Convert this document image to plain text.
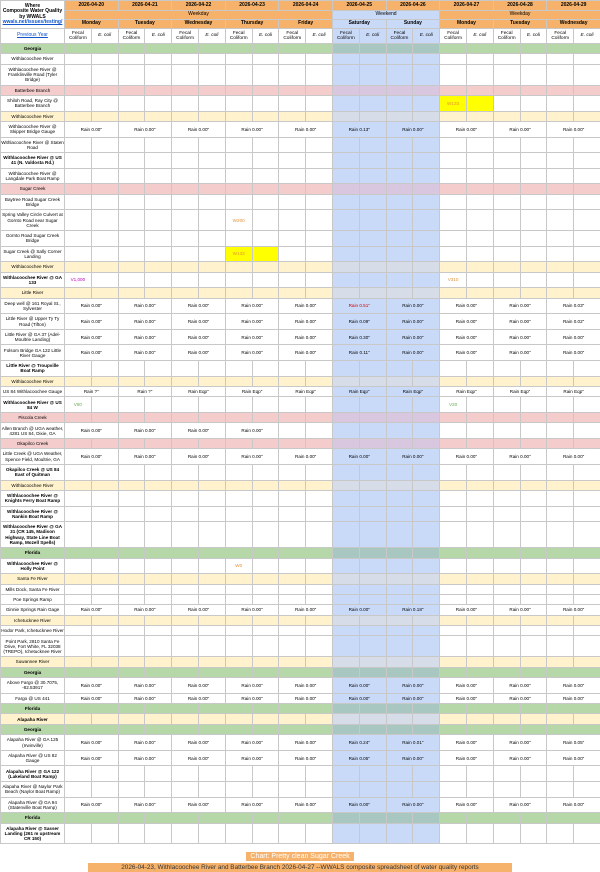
Where
Composite Water Quality
by WWALS
wwals.net/issues/testing/																				

	2026-04-20		2026-04-21		2026-04-22		2026-04-23		2026-04-24		2026-04-25		2026-04-26		2026-04-27		2026-04-28		2026-04-29	
	Weekday										Weekend				Weekday					
	Monday		Tuesday		Wednesday		Thursday		Friday		Saturday		Sunday		Monday		Tuesday		Wednesday	
Previous Year	Fecal Coliform	E. coli	Fecal Coliform	E. coli	Fecal Coliform	E. coli	Fecal Coliform	E. coli	Fecal Coliform	E. coli	Fecal Coliform	E. coli	Fecal Coliform	E. coli	Fecal Coliform	E. coli	Fecal Coliform	E. coli	Fecal Coliform	E. coli
Georgia																				
Withlacoochee River																				
Withlacoochee River @ Franklinville Road (Tyler Bridge)																				
Batterbee Branch																				
Shiloh Road, Ray City @ Batterbee Branch															W133					
Withlacoochee River																				
Withlacoochee River @ Skipper Bridge Gauge	Rain 0.00"		Rain 0.00"		Rain 0.00"		Rain 0.00"		Rain 0.00"		Rain 0.13"		Rain 0.00"		Rain 0.00"		Rain 0.00"		Rain 0.00"	
Withlacoochee River @ Staten Road																				
Withlacoochee River @ US 41 (N. Valdosta Rd.)																				
Withlacoochee River @ Langdale Park Boat Ramp																				
Sugar Creek																				
Baytree Road Sugar Creek Bridge																				
Spring Valley Circle Culvert at Gornto Road near Sugar Creek							W200													
Gornto Road Sugar Creek Bridge																				
Sugar Creek @ Sally Corner Landing							W133													
Withlacoochee River																				
Withlacoochee River @ GA 133	V1,000														V310					
Little River																				
Deep well @ 161 Royal St., Sylvester	Rain 0.00"		Rain 0.00"		Rain 0.00"		Rain 0.00"		Rain 0.00"		Rain 0.51"		Rain 0.00"		Rain 0.00"		Rain 0.00"		Rain 0.03"	
Little River @ Upper Ty Ty Road (Tifton)	Rain 0.00"		Rain 0.00"		Rain 0.00"		Rain 0.00"		Rain 0.00"		Rain 0.09"		Rain 0.00"		Rain 0.00"		Rain 0.00"		Rain 0.02"	
Little River @ GA 37 (Adel-Moultrie Landing)	Rain 0.00"		Rain 0.00"		Rain 0.00"		Rain 0.00"		Rain 0.00"		Rain 0.30"		Rain 0.00"		Rain 0.00"		Rain 0.00"		Rain 0.00"	
Folsom Bridge GA 122 Little River Gauge	Rain 0.00"		Rain 0.00"		Rain 0.00"		Rain 0.00"		Rain 0.00"		Rain 0.11"		Rain 0.00"		Rain 0.00"		Rain 0.00"		Rain 0.00"	
Little River @ Troupville Boat Ramp																				
Withlacoochee River																				
US 84 Withlacoochee Gauge	Rain ?"		Rain ?"		Rain Eqp"		Rain Eqp"		Rain Eqp"		Rain Eqp"		Rain Eqp"		Rain Eqp"		Rain Eqp"		Rain Eqp"	
Withlacoochee River @ US 84 W	V60														V20					
Piscola Creek																				
Allen Branch @ UGA weather, 4281 US 84, Dixie, GA	Rain 0.00"		Rain 0.00"		Rain 0.00"		Rain 0.00"													
Okapilco Creek																				
Little Creek @ UGA Weather, Spence Field, Moultrie, GA	Rain 0.00"		Rain 0.00"		Rain 0.00"		Rain 0.00"		Rain 0.00"		Rain 0.00"		Rain 0.00"		Rain 0.00"		Rain 0.00"		Rain 0.00"	
Okapilco Creek @ US 84 East of Quitman																				
Withlacoochee River																				
Withlacoochee River @ Knights Ferry Boat Ramp																				
Withlacoochee River @ Nankin Boat Ramp																				
Withlacoochee River @ GA 31 (CR 145, Madison Highway, State Line Boat Ramp, Mozell Spells)																				
Florida																				
Withlacoochee River @ Holly Point							W0													
Santa Fe River																				
Mills Dock, Santa Fe River																				
Poe Springs Ramp																				
Ginnie Springs Rain Gage	Rain 0.00"		Rain 0.00"		Rain 0.00"		Rain 0.00"		Rain 0.00"		Rain 0.00"		Rain 0.18"		Rain 0.00"		Rain 0.00"		Rain 0.00"	
Ichetucknee River																				
Hodor Park, Ichetucknee River																				
Point Park, 2810 Santa Fe Drive, Fort White, FL 32038 (TREPO), Ichetucknee River																				
Suwannee River																				
Georgia																				
Above Fargo @ 30.7075, -82.53917	Rain 0.00"		Rain 0.00"		Rain 0.00"		Rain 0.00"		Rain 0.00"		Rain 0.00"		Rain 0.00"		Rain 0.00"		Rain 0.00"		Rain 0.00"	
Fargo @ US 441	Rain 0.00"		Rain 0.00"		Rain 0.00"		Rain 0.00"		Rain 0.00"		Rain 0.00"		Rain 0.00"		Rain 0.00"		Rain 0.00"		Rain 0.00"	
Florida																				
Alapaha River																				
Georgia																				
Alapaha River @ GA 125 (Irwinville)	Rain 0.00"		Rain 0.00"		Rain 0.00"		Rain 0.00"		Rain 0.00"		Rain 0.24"		Rain 0.01"		Rain 0.00"		Rain 0.00"		Rain 0.05"	
Alapaha River @ US 82 Gauge	Rain 0.00"		Rain 0.00"		Rain 0.00"		Rain 0.00"		Rain 0.00"		Rain 0.05"		Rain 0.00"		Rain 0.00"		Rain 0.00"		Rain 0.00"	
Alapaha River @ GA 122 (Lakeland Boat Ramp)																				
Alapaha River @ Naylor Park Beach (Naylor Boat Ramp)																				
Alapaha River @ GA 94 (Statenville Boat Ramp)	Rain 0.00"		Rain 0.00"		Rain 0.00"		Rain 0.00"		Rain 0.00"		Rain 0.00"		Rain 0.00"		Rain 0.00"		Rain 0.00"		Rain 0.00"	
Florida																				
Alapaha River @ Sasser Landing (261 m upstream CR 150)																				
Chart: Pretty clean Sugar Creek
2026-04-23, Withlacoochee River and Batterbee Branch 2026-04-27 --WWALS composite spreadsheet of water quality reports
